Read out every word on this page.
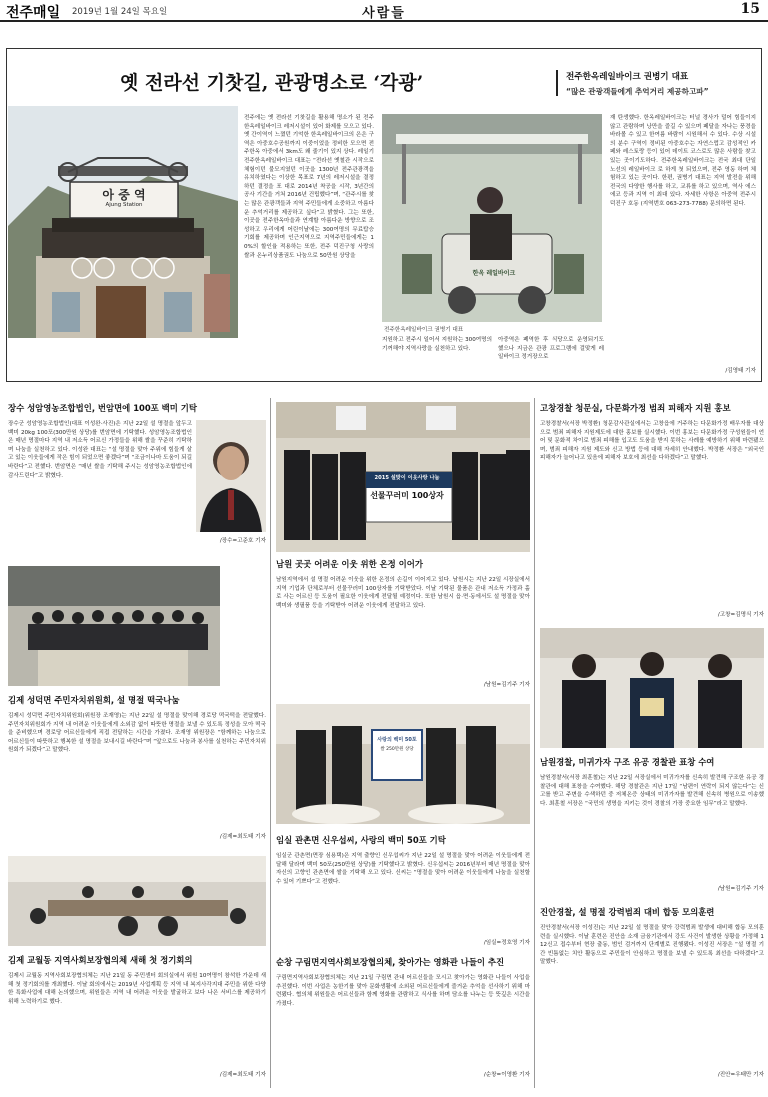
전주매일 2019년 1월 24일 목요일	사람들	15
옛 전라선 기찻길, 관광명소로 ‘각광’	전주한옥레일바이크 권병기 대표
“많은 관광객들에게 추억거리 제공하고파”
아 중 역
Ajung Station
전주에는 옛 전라선 기찻길을 활용해 명소가 된 전주한옥레일바이크 레저시설이 있어 화제를 모으고 있다. 옛 간이역이 느꼈던 기억한 한옥레일바이크의 은은 구역은 아중호수공원까지 이중이었을 정비한 모으면 전주한옥 아중에서 3km도 왜 줄기이 있지 상다. 레일기 전주한옥레일바이크 대표는 “전라선 옛철관 시작으로 체험이던 불모지였던 이곳을 1300년 전주관광객을 유치하였다는 이상한 목표로 7년의 레저시설을 결정하던 결정을 포 대로 2014년 착공을 시작, 3년간의 공사 기간을 거쳐 2016년 건립했다”며, “관주시를 찾는 많은 관광객들과 지역 주민들에게 소중하고 아름다운 추억거리를 제공하고 싶다”고 밝혔다. 그는 또한, 이곳을 전주한옥마을과 연계할 아름다운 방향으로 조성하고 우리에게 어린이날에는 300여명의 무료탑승 기회를 제공하며 인근지역으로 지역주민들에게는 10%의 할인율 적용하는 또한, 전주 덕진구청 사랑의 쌀과 온누리상품권도 나눔으로 50만원 상당을
한옥 레일바이크
전주한옥레일바이크 권병기 대표
지원하고 전주시 일어서 지원하는 300여명의 기꺼해야 지역사랑을 실천하고 있다.
아중역은 폐역한 후 식당으로 운영되기도 했으나 지금은 관광 프로그램에 걸맞게 레일바이크 정거장으로
재 탄생했다. 한옥레일바이크는 터널 경사가 덜어 힘들이지 않고 관람하며 낭만을 즐길 수 있으며 페달을 자나는 풍경을 바라볼 수 있고 한여름 바람이 시원해서 수 있다. 수상 시설의 분수 구역이 정비된 아중호수는 자연스럽고 감성적인 카페와 레스토랑 등이 있어 데이트 코스로도 많은 사람들 찾고 있는 곳이기도하다. 전주한옥레일바이크는 전국 최대 단일 노선의 레일바이크 로 하게 첫 되었으며, 전주 영동 하며 체험하고 있는 곳이다. 한편, 권병기 대표는 지역 발전을 위해 전국의 다양한 행사를 하고, 교류를 하고 있으며, 역사 에스 에코 등과 지역 이 최대 있다. 자세한 사항은 아중역 전주시 덕진구 호동 (지역번호 063-273-7788) 문의하면 된다.
/김영태 기자
장수 성암영농조합법인, 번암면에 100포 백미 기탁
장수군 성암영농조합법인(대표 이성완·사진)은 지난 22일 설 명절을 앞두고 백미 20kg 100포(300만원 상당)를 번암면에 기탁했다. 성암영농조합법인은 매년 명절마다 지역 내 저소득 어르신 가정들을 위해 쌀을 꾸준히 기탁하며 나눔을 실천하고 있다. 이성완 대표는 “설 명절을 맞아 주위에 힘들게 살고 있는 이웃들에게 작은 힘이 되었으면 좋겠다”며 “조금이나마 도움이 되길 바란다”고 전했다. 번암면은 “매년 쌀을 기탁해 주시는 성암영농조합법인에 감사드린다”고 밝혔다.
/장수=고준호 기자
김제 성덕면 주민자치위원회, 설 명절 떡국나눔
김제시 성덕면 주민자치위원회(위원장 조재영)는 지난 22일 설 명절을 맞이해 경로당 떡국떡을 전달했다. 주민자치위원회가 지역 내 어려운 이웃들에게 소외감 없이 따뜻한 명절을 보낼 수 있도록 정성을 모아 떡국을 준비했으며 경로당 어르신들에게 직접 전달하는 시간을 가졌다. 조재영 위원장은 “함께하는 나눔으로 어르신들이 따뜻하고 행복한 설 명절을 보내시길 바란다”며 “앞으로도 나눔과 봉사를 실천하는 주민자치위원회가 되겠다”고 말했다.
/김제=최도태 기자
김제 교월동 지역사회보장협의체 새해 첫 정기회의
김제시 교월동 지역사회보장협의체는 지난 21일 동 주민센터 회의실에서 위원 10여명이 참석한 가운데 새해 첫 정기회의를 개최했다. 이날 회의에서는 2019년 사업계획 등 지역 내 복지사각지대 주민을 위한 다양한 특화사업에 대해 논의했으며, 위원들은 지역 내 어려운 이웃을 발굴하고 보다 나은 서비스를 제공하기 위해 노력하기로 했다.
/김제=최도태 기자
2015 설맞이 이웃사랑 나눔
선물꾸러미 100상자
남원 곳곳 어려운 이웃 위한 온정 이어가
남원지역에서 설 명절 어려운 이웃을 위한 온정의 손길이 이어지고 있다. 남원시는 지난 22일 시장실에서 지역 기업과 단체로부터 선물꾸러미 100상자를 기탁받았다. 이날 기탁된 물품은 관내 저소득 가정과 홀로 사는 어르신 등 도움이 필요한 이웃에게 전달될 예정이다. 또한 남원시 읍·면·동에서도 설 명절을 맞아 백미와 생필품 등을 기탁받아 어려운 이웃에게 전달하고 있다.
/남원=김기주 기자
사랑의 백미 50포
쌀 250만원 상당
임실 관촌면 신우섭씨, 사랑의 백미 50포 기탁
임실군 관촌면(면장 심용택)은 지역 출향인 신우섭씨가 지난 22일 설 명절을 맞아 어려운 이웃들에게 전달해 달라며 백미 50포(250만원 상당)를 기탁했다고 밝혔다. 신우섭씨는 2016년부터 매년 명절을 맞아 자신의 고향인 관촌면에 쌀을 기탁해 오고 있다. 신씨는 “명절을 맞아 어려운 이웃들에게 나눔을 실천할 수 있어 기쁘다”고 전했다.
/임실=정호영 기자
순창 구림면지역사회보장협의체, 찾아가는 영화관 나들이 추진
구림면지역사회보장협의체는 지난 21일 구림면 관내 어르신들을 모시고 찾아가는 영화관 나들이 사업을 추진했다. 이번 사업은 농한기를 맞아 문화생활에 소외된 어르신들에게 즐거운 추억을 선사하기 위해 마련됐다. 협의체 위원들은 어르신들과 함께 영화를 관람하고 식사를 하며 담소를 나누는 등 뜻깊은 시간을 가졌다.
/순창=이영환 기자
고창경찰 청문실, 다문화가정 범죄 피해자 지원 홍보
고창경찰서(서장 박정환) 청문감사관실에서는 고창읍에 거주하는 다문화가정 배우자를 대상으로 범죄 피해자 지원제도에 대한 홍보를 실시했다. 이번 홍보는 다문화가정 구성원들이 언어 및 문화적 차이로 범죄 피해를 입고도 도움을 받지 못하는 사례를 예방하기 위해 마련됐으며, 범죄 피해자 지원 제도와 신고 방법 등에 대해 자세히 안내했다. 박정환 서장은 “외국인 피해자가 늘어나고 있음에 피해자 보호에 최선을 다하겠다”고 말했다.
/고창=김명식 기자
남원경찰, 미귀가자 구조 유공 경찰관 표창 수여
남원경찰서(서장 최훈철)는 지난 22일 서장실에서 미귀가자를 신속히 발견해 구조한 유공 경찰관에 대해 표창을 수여했다. 해당 경찰관은 지난 17일 “남편이 연락이 되지 않는다”는 신고를 받고 주변을 수색하던 중 저체온증 상태의 미귀가자를 발견해 신속히 병원으로 이송했다. 최훈철 서장은 “국민의 생명을 지키는 것이 경찰의 가장 중요한 임무”라고 말했다.
/남원=김기주 기자
진안경찰, 설 명절 강력범죄 대비 합동 모의훈련
진안경찰서(서장 이성진)는 지난 22일 설 명절을 맞아 강력범죄 발생에 대비해 합동 모의훈련을 실시했다. 이날 훈련은 진안읍 소재 금융기관에서 강도 사건이 발생한 상황을 가정해 112신고 접수부터 현장 출동, 범인 검거까지 단계별로 진행됐다. 이성진 서장은 “설 명절 기간 빈틈없는 치안 활동으로 주민들이 안심하고 명절을 보낼 수 있도록 최선을 다하겠다”고 말했다.
/진안=우태만 기자
